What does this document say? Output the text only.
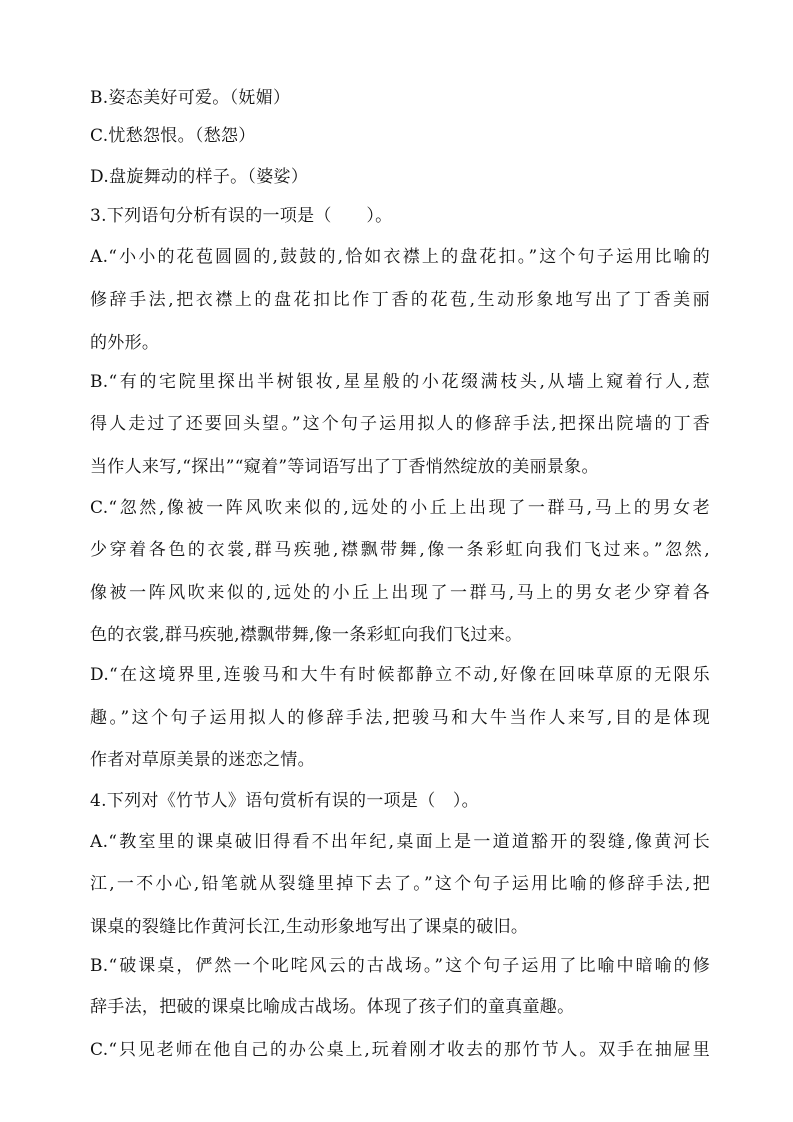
B.姿态美好可爱。（妩媚）
C.忧愁怨恨。（愁怨）
D.盘旋舞动的样子。（婆娑）
3.下列语句分析有误的一项是（　　）。
A.“小小的花苞圆圆的,鼓鼓的,恰如衣襟上的盘花扣。”这个句子运用比喻的
修辞手法,把衣襟上的盘花扣比作丁香的花苞,生动形象地写出了丁香美丽
的外形。
B.“有的宅院里探出半树银妆,星星般的小花缀满枝头,从墙上窥着行人,惹
得人走过了还要回头望。”这个句子运用拟人的修辞手法,把探出院墙的丁香
当作人来写,“探出”“窥着”等词语写出了丁香悄然绽放的美丽景象。
C.“忽然,像被一阵风吹来似的,远处的小丘上出现了一群马,马上的男女老
少穿着各色的衣裳,群马疾驰,襟飘带舞,像一条彩虹向我们飞过来。”忽然,
像被一阵风吹来似的,远处的小丘上出现了一群马,马上的男女老少穿着各
色的衣裳,群马疾驰,襟飘带舞,像一条彩虹向我们飞过来。
D.“在这境界里,连骏马和大牛有时候都静立不动,好像在回味草原的无限乐
趣。”这个句子运用拟人的修辞手法,把骏马和大牛当作人来写,目的是体现
作者对草原美景的迷恋之情。
4.下列对《竹节人》语句赏析有误的一项是（　）。
A.“教室里的课桌破旧得看不出年纪,桌面上是一道道豁开的裂缝,像黄河长
江,一不小心,铅笔就从裂缝里掉下去了。”这个句子运用比喻的修辞手法,把
课桌的裂缝比作黄河长江,生动形象地写出了课桌的破旧。
B.“破课桌，俨然一个叱咤风云的古战场。”这个句子运用了比喻中暗喻的修
辞手法，把破的课桌比喻成古战场。体现了孩子们的童真童趣。
C.“只见老师在他自己的办公桌上,玩着刚才收去的那竹节人。双手在抽屉里
